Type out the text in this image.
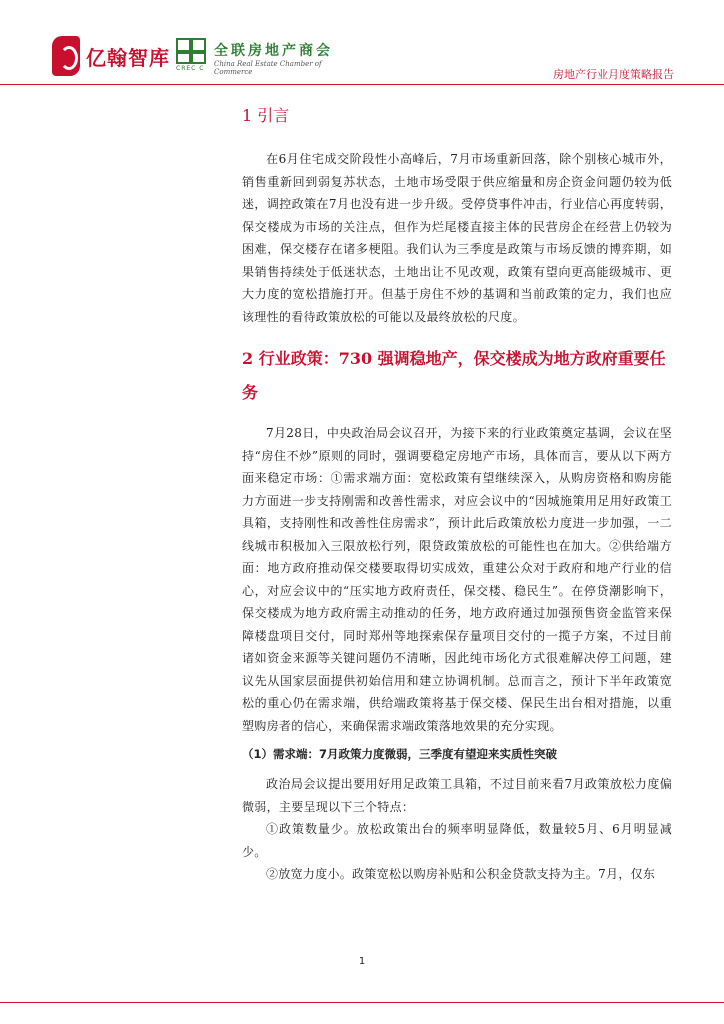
亿翰智库 CREC C
全联房地产商会
China Real Estate Chamber of Commerce	房地产行业月度策略报告
1 引言

在6月住宅成交阶段性小高峰后，7月市场重新回落，除个别核心城市外，销售重新回到弱复苏状态，土地市场受限于供应缩量和房企资金问题仍较为低迷，调控政策在7月也没有进一步升级。受停贷事件冲击，行业信心再度转弱，保交楼成为市场的关注点，但作为烂尾楼直接主体的民营房企在经营上仍较为困难，保交楼存在诸多梗阻。我们认为三季度是政策与市场反馈的博弈期，如果销售持续处于低迷状态，土地出让不见改观，政策有望向更高能级城市、更大力度的宽松措施打开。但基于房住不炒的基调和当前政策的定力，我们也应该理性的看待政策放松的可能以及最终放松的尺度。

2 行业政策：730 强调稳地产，保交楼成为地方政府重要任务

7月28日，中央政治局会议召开，为接下来的行业政策奠定基调，会议在坚持“房住不炒”原则的同时，强调要稳定房地产市场，具体而言，要从以下两方面来稳定市场：①需求端方面：宽松政策有望继续深入，从购房资格和购房能力方面进一步支持刚需和改善性需求，对应会议中的“因城施策用足用好政策工具箱，支持刚性和改善性住房需求”，预计此后政策放松力度进一步加强，一二线城市积极加入三限放松行列，限贷政策放松的可能性也在加大。②供给端方面：地方政府推动保交楼要取得切实成效，重建公众对于政府和地产行业的信心，对应会议中的“压实地方政府责任，保交楼、稳民生”。在停贷潮影响下，保交楼成为地方政府需主动推动的任务，地方政府通过加强预售资金监管来保障楼盘项目交付，同时郑州等地探索保存量项目交付的一揽子方案，不过目前诸如资金来源等关键问题仍不清晰，因此纯市场化方式很难解决停工问题，建议先从国家层面提供初始信用和建立协调机制。总而言之，预计下半年政策宽松的重心仍在需求端，供给端政策将基于保交楼、保民生出台相对措施，以重塑购房者的信心，来确保需求端政策落地效果的充分实现。

（1）需求端：7月政策力度微弱，三季度有望迎来实质性突破

政治局会议提出要用好用足政策工具箱，不过目前来看7月政策放松力度偏微弱，主要呈现以下三个特点：

①政策数量少。放松政策出台的频率明显降低，数量较5月、6月明显减少。

②放宽力度小。政策宽松以购房补贴和公积金贷款支持为主。7月，仅东

1
